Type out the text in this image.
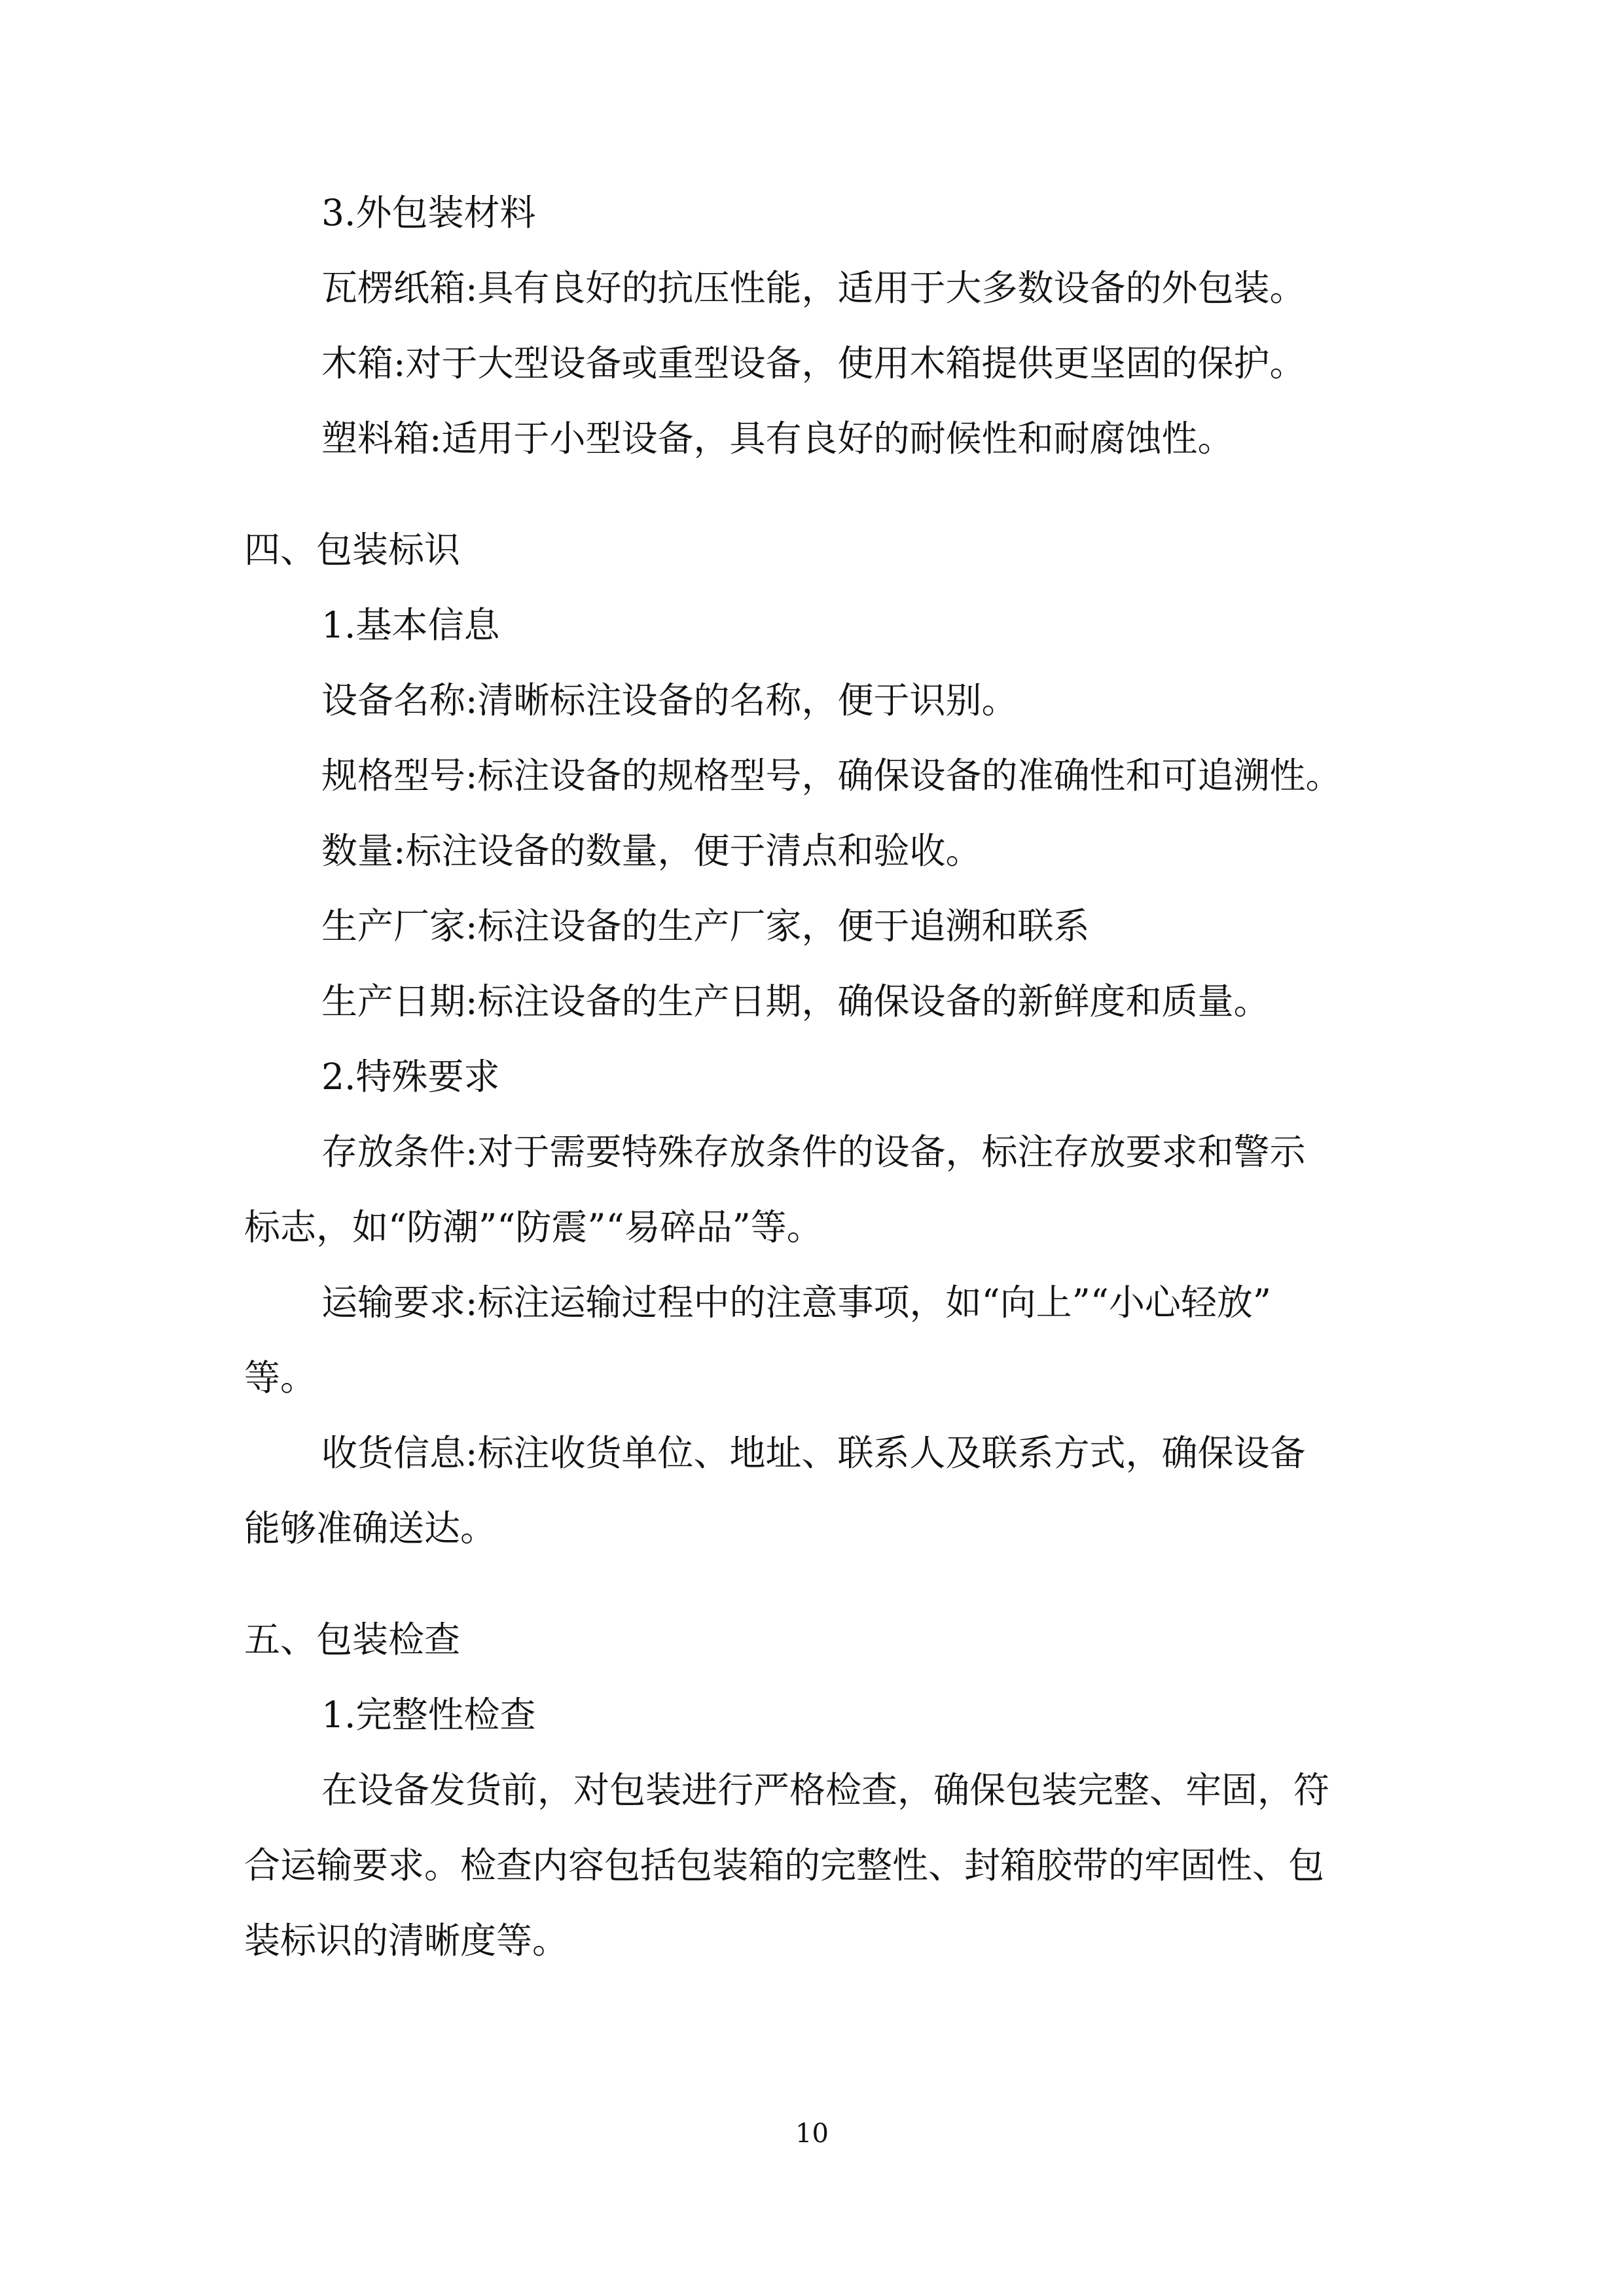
3.外包装材料
瓦楞纸箱:具有良好的抗压性能，适用于大多数设备的外包装。
木箱:对于大型设备或重型设备，使用木箱提供更坚固的保护。
塑料箱:适用于小型设备，具有良好的耐候性和耐腐蚀性。
四、包装标识
1.基本信息
设备名称:清晰标注设备的名称，便于识别。
规格型号:标注设备的规格型号，确保设备的准确性和可追溯性。
数量:标注设备的数量，便于清点和验收。
生产厂家:标注设备的生产厂家，便于追溯和联系
生产日期:标注设备的生产日期，确保设备的新鲜度和质量。
2.特殊要求
存放条件:对于需要特殊存放条件的设备，标注存放要求和警示
标志，如“防潮”“防震”“易碎品”等。
运输要求:标注运输过程中的注意事项，如“向上”“小心轻放”
等。
收货信息:标注收货单位、地址、联系人及联系方式，确保设备
能够准确送达。
五、包装检查
1.完整性检查
在设备发货前，对包装进行严格检查，确保包装完整、牢固，符
合运输要求。检查内容包括包装箱的完整性、封箱胶带的牢固性、包
装标识的清晰度等。
10
